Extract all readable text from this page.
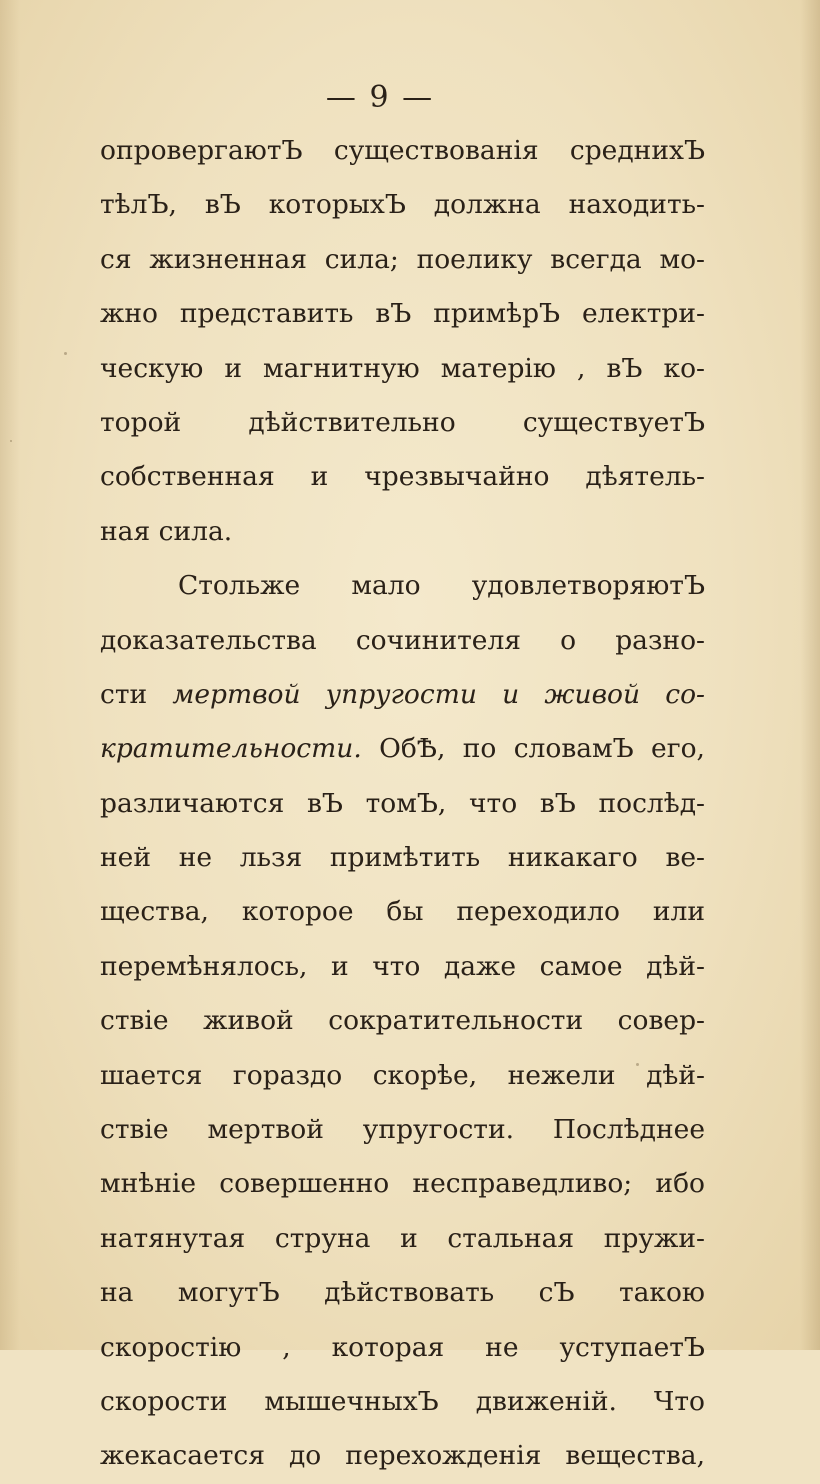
— 9 —
опровергаютЪ существованія среднихЪ
тѣлЪ, вЪ которыхЪ должна находить-
ся жизненная сила; поелику всегда мо-
жно представить вЪ примѣрЪ електри-
ческую и магнитную матерію , вЪ ко-
торой дѣйствительно существуетЪ
собственная и чрезвычайно дѣятель-
ная сила.
Стольже мало удовлетворяютЪ
доказательства сочинителя о разно-
сти мертвой упругости и живой со-
кратительности. ОбѢ, по словамЪ его,
различаются вЪ томЪ, что вЪ послѣд-
ней не льзя примѣтить никакаго ве-
щества, которое бы переходило или
перемѣнялось, и что даже самое дѣй-
ствіе живой сократительности совер-
шается гораздо скорѣе, нежели дѣй-
ствіе мертвой упругости. Послѣднее
мнѣніе совершенно несправедливо; ибо
натянутая струна и стальная пружи-
на могутЪ дѣйствовать сЪ такою
скоростію , которая не уступаетЪ
скорости мышечныхЪ движеній. Что
жекасается до перехожденія вещества,
